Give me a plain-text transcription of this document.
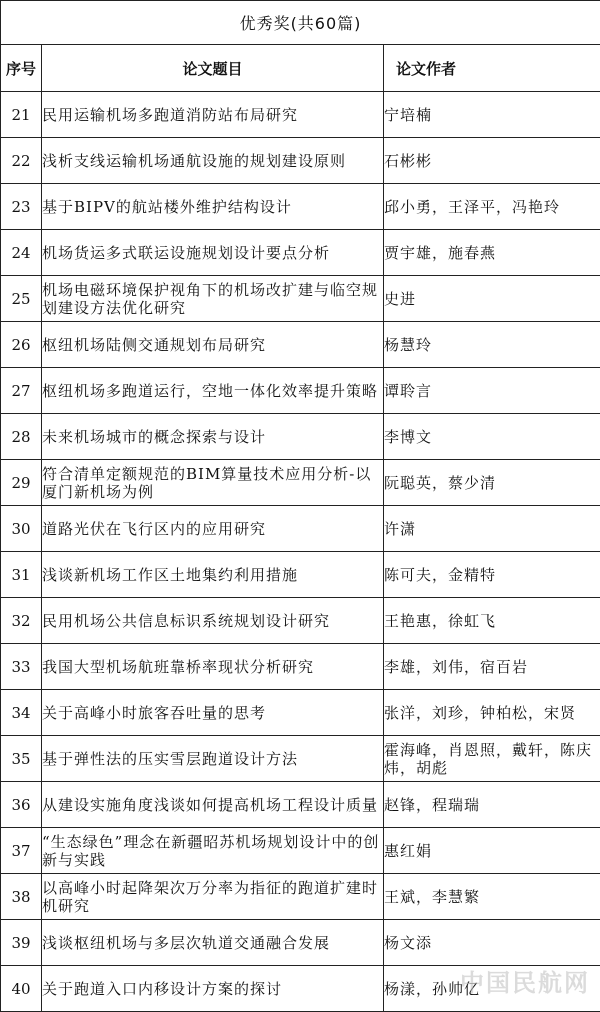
优秀奖(共60篇)		
序号	论文题目	论文作者
21	民用运输机场多跑道消防站布局研究	宁培楠
22	浅析支线运输机场通航设施的规划建设原则	石彬彬
23	基于BIPV的航站楼外维护结构设计	邱小勇，王泽平，冯艳玲
24	机场货运多式联运设施规划设计要点分析	贾宇雄，施春燕
25	机场电磁环境保护视角下的机场改扩建与临空规划建设方法优化研究	史进
26	枢纽机场陆侧交通规划布局研究	杨慧玲
27	枢纽机场多跑道运行，空地一体化效率提升策略	谭聆言
28	未来机场城市的概念探索与设计	李博文
29	符合清单定额规范的BIM算量技术应用分析-以厦门新机场为例	阮聪英，蔡少清
30	道路光伏在飞行区内的应用研究	许潇
31	浅谈新机场工作区土地集约利用措施	陈可夫，金精特
32	民用机场公共信息标识系统规划设计研究	王艳惠，徐虹飞
33	我国大型机场航班靠桥率现状分析研究	李雄，刘伟，宿百岩
34	关于高峰小时旅客吞吐量的思考	张洋，刘珍，钟柏松，宋贤
35	基于弹性法的压实雪层跑道设计方法	霍海峰，肖恩照，戴轩，陈庆炜，胡彪
36	从建设实施角度浅谈如何提高机场工程设计质量	赵锋，程瑞瑞
37	“生态绿色”理念在新疆昭苏机场规划设计中的创新与实践	惠红娟
38	以高峰小时起降架次万分率为指征的跑道扩建时机研究	王斌，李慧繁
39	浅谈枢纽机场与多层次轨道交通融合发展	杨文添
40	关于跑道入口内移设计方案的探讨	杨漾，孙帅亿
中国民航网
